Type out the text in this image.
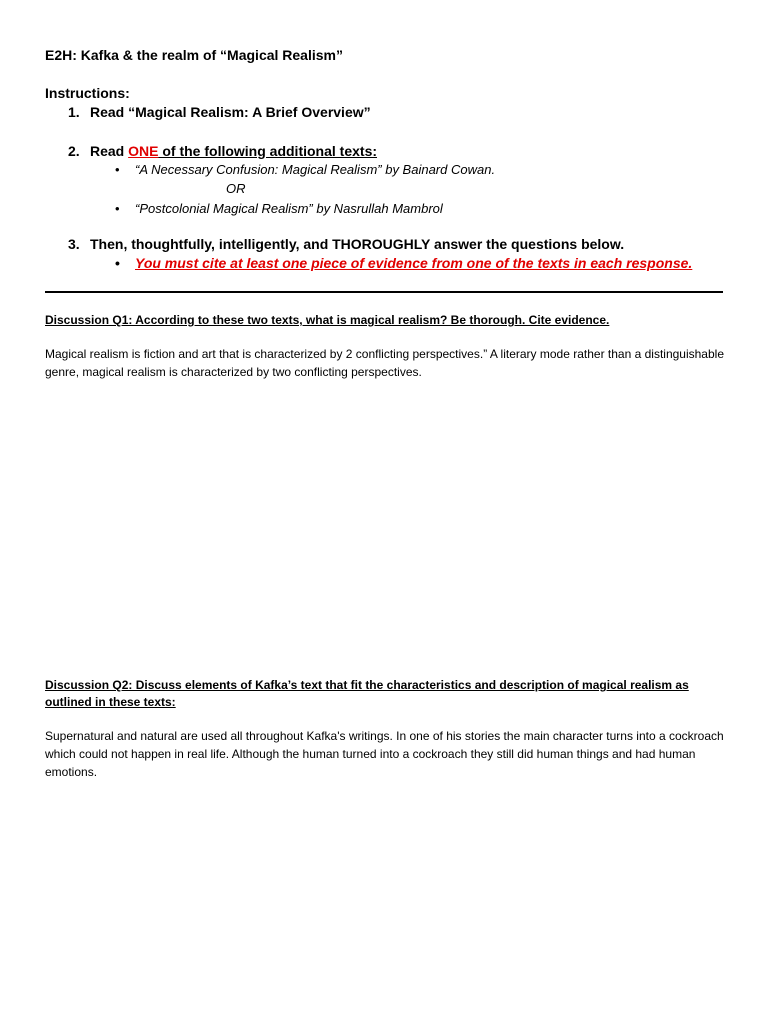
E2H: Kafka & the realm of “Magical Realism”
Instructions:
1. Read “Magical Realism: A Brief Overview”
2. Read ONE of the following additional texts:
• “A Necessary Confusion: Magical Realism” by Bainard Cowan.
OR
• “Postcolonial Magical Realism” by Nasrullah Mambrol
3. Then, thoughtfully, intelligently, and THOROUGHLY answer the questions below.
• You must cite at least one piece of evidence from one of the texts in each response.
Discussion Q1: According to these two texts, what is magical realism? Be thorough. Cite evidence.
Magical realism is fiction and art that is characterized by 2 conflicting perspectives.” A literary mode rather than a distinguishable genre, magical realism is characterized by two conflicting perspectives.
Discussion Q2: Discuss elements of Kafka’s text that fit the characteristics and description of magical realism as
outlined in these texts:
Supernatural and natural are used all throughout Kafka's writings. In one of his stories the main character turns into a cockroach which could not happen in real life. Although the human turned into a cockroach they still did human things and had human emotions.
